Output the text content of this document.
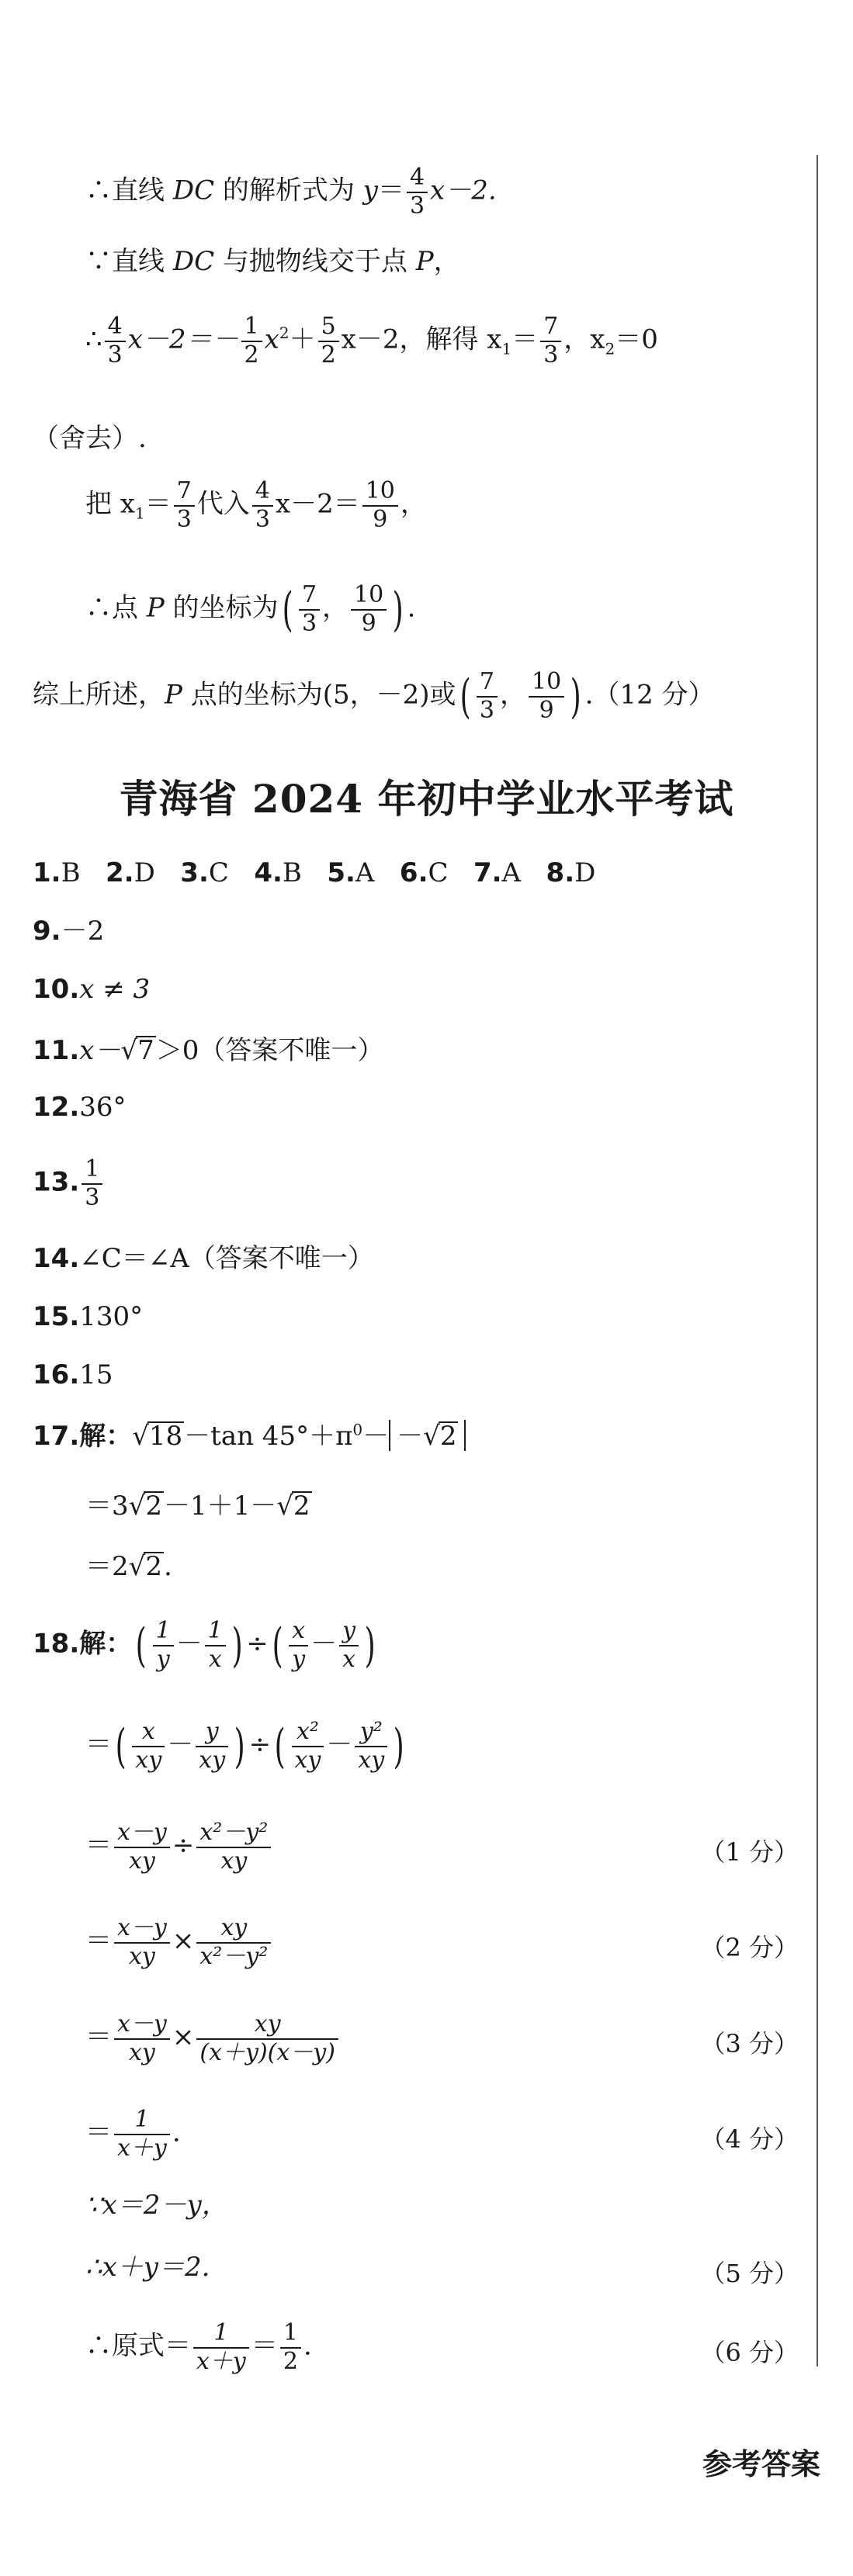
∴直线 DC 的解析式为 $y= \frac{4}{3} x-2$.
∵直线 DC 与抛物线交于点 P，
∴ $\frac{4}{3} x-2=- \frac{1}{2} x^2+ \frac{5}{2} x-2$，解得 $x_1= \frac{7}{3}$ ，$x_2=0$
（舍去）.
把 $x_1= \frac{7}{3}$ 代入 $\frac{4}{3} x-2= \frac{10}{9}$ ，
∴点 P 的坐标为( $\frac{7}{3}$ ， $\frac{10}{9}$ ) .
综上所述，P 点的坐标为(5，－2)或( $\frac{7}{3}$ ， $\frac{10}{9}$ ) .（12 分）
青海省 2024 年初中学业水平考试
1.B 2.D 3.C 4.B 5.A 6.C 7.A 8.D
9.－2
10.x ≠ 3
11.x－√7＞0（答案不唯一）
12.36°
13. $\frac{1}{3}$
14.∠C＝∠A（答案不唯一）
15.130°
16.15
17.解：√18－tan $45^\circ+\pi^0- -√2$
＝3√2－1＋1－√2
＝2√2.
18.解：( $\frac{1}{y} - \frac{1}{x}$ ) ÷( $\frac{x}{y} - \frac{y}{x}$ )
＝( $\frac{x}{xy} - \frac{y}{xy}$ ) ÷( $\frac{\text{x²}}{xy} - \frac{\text{y²}}{xy}$ )
＝ $\frac{x-y}{xy} \div \frac{\text{x²－y²}}{xy}$	（1 分）
＝ $\frac{x-y}{xy} \times \frac{xy}{\text{x²－y²}}$	（2 分）
＝ $\frac{x-y}{xy} \times \frac{xy}{(x+y)(x-y)}$	（3 分）
＝ $\frac{1}{x+y}$ .	（4 分）
∵x＝2－y，
∴x＋y＝2.	（5 分）
∴原式＝ $\frac{1}{x+y} = \frac{1}{2}$ .	（6 分）
参考答案
